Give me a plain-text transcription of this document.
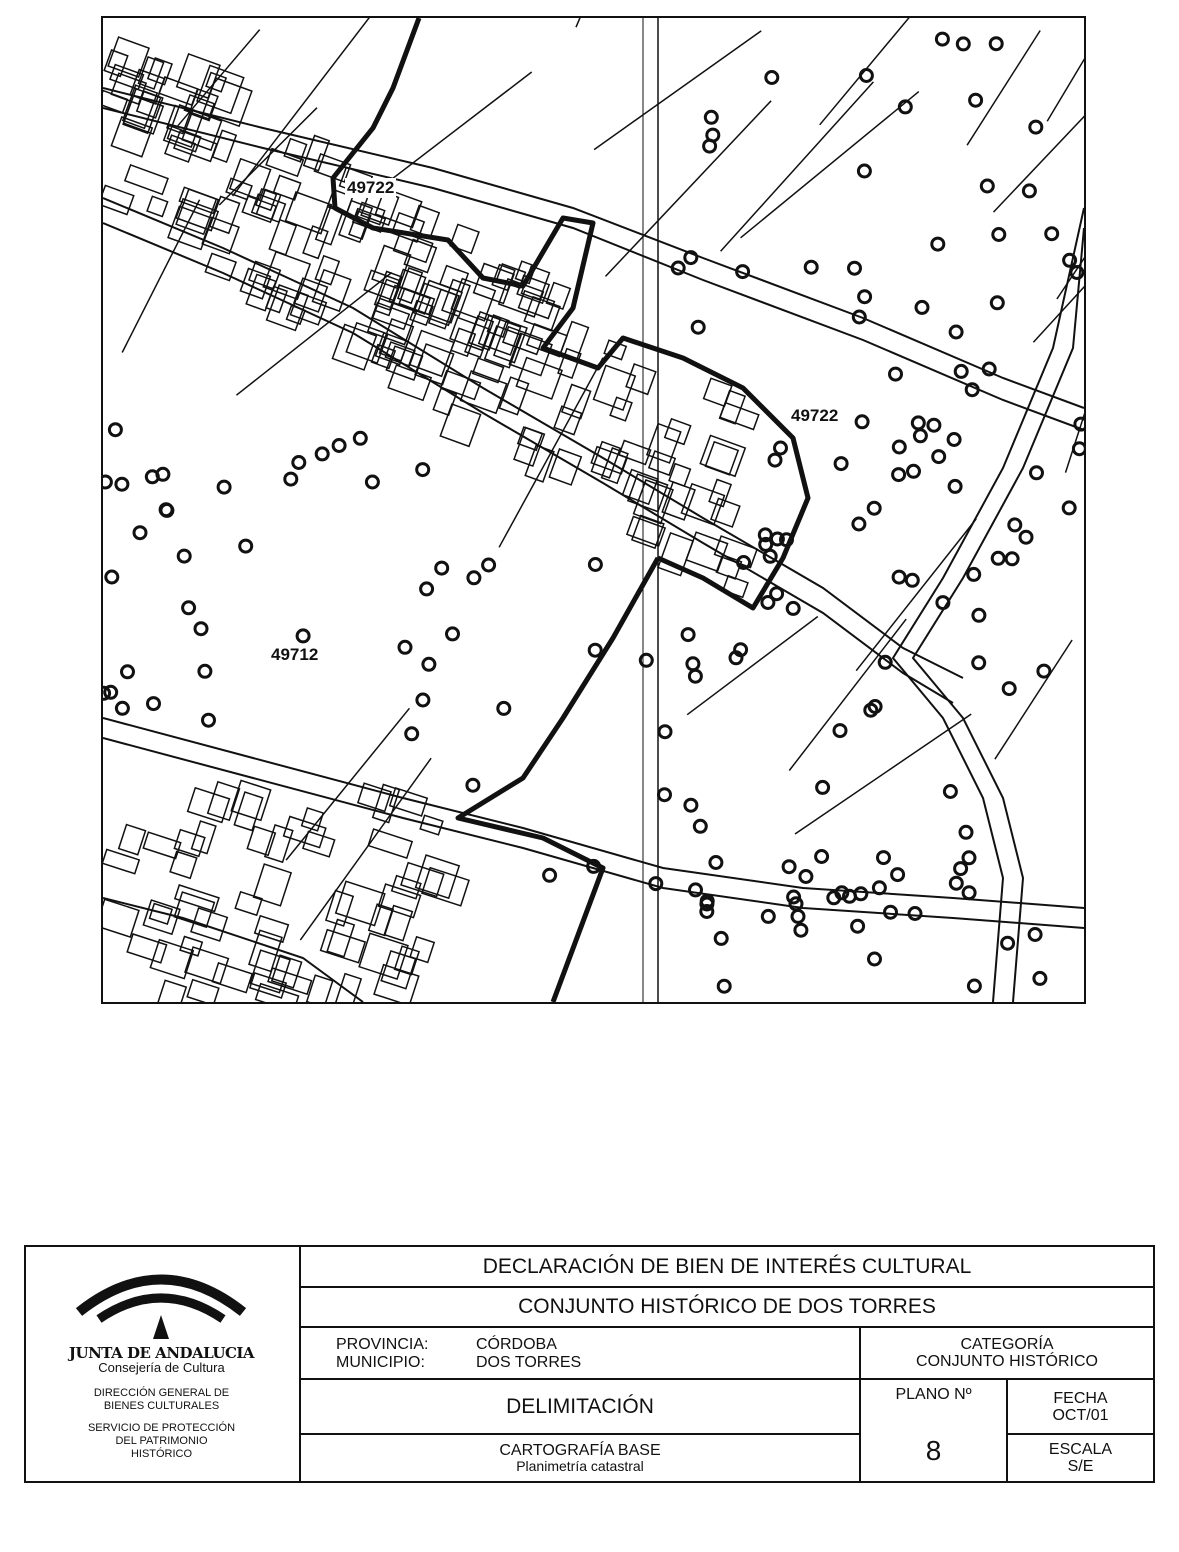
49722
49722
49712
JUNTA DE ANDALUCIA
Consejería de Cultura
DIRECCIÓN GENERAL DE
BIENES CULTURALES
SERVICIO DE PROTECCIÓN
DEL PATRIMONIO
HISTÓRICO
DECLARACIÓN DE BIEN DE INTERÉS CULTURAL
CONJUNTO HISTÓRICO DE DOS TORRES
PROVINCIA:	CÓRDOBA
MUNICIPIO:	DOS TORRES
CATEGORÍA
CONJUNTO HISTÓRICO
DELIMITACIÓN	PLANO Nº
8
FECHA
OCT/01
CARTOGRAFÍA BASE
Planimetría catastral
ESCALA
S/E
